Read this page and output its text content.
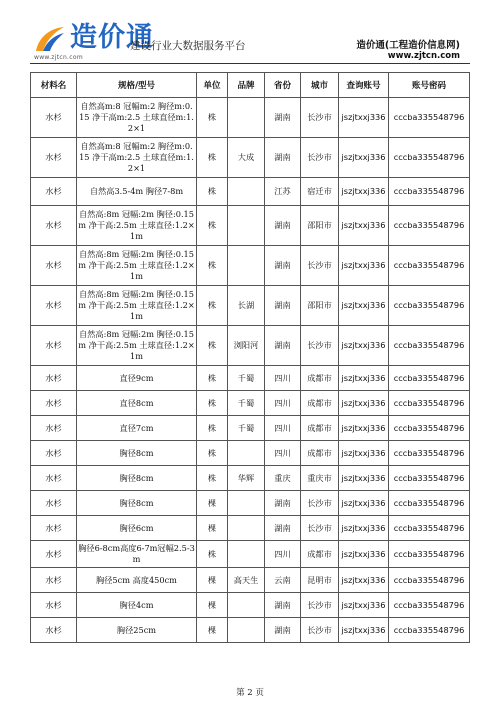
造价通
www.zjtcn.com
建设行业大数据服务平台	造价通(工程造价信息网)
www.zjtcn.com
材料名	规格/型号	单位	品牌	省份	城市	查询账号	账号密码
水杉	自然高m:8 冠幅m:2 胸径m:0.15 净干高m:2.5 土球直径m:1.2×1	株		湖南	长沙市	jszjtxxj336	cccba335548796
水杉	自然高m:8 冠幅m:2 胸径m:0.15 净干高m:2.5 土球直径m:1.2×1	株	大成	湖南	长沙市	jszjtxxj336	cccba335548796
水杉	自然高3.5-4m 胸径7-8m	株		江苏	宿迁市	jszjtxxj336	cccba335548796
水杉	自然高:8m 冠幅:2m 胸径:0.15m 净干高:2.5m 土球直径:1.2×1m	株		湖南	邵阳市	jszjtxxj336	cccba335548796
水杉	自然高:8m 冠幅:2m 胸径:0.15m 净干高:2.5m 土球直径:1.2×1m	株		湖南	长沙市	jszjtxxj336	cccba335548796
水杉	自然高:8m 冠幅:2m 胸径:0.15m 净干高:2.5m 土球直径:1.2×1m	株	长湖	湖南	邵阳市	jszjtxxj336	cccba335548796
水杉	自然高:8m 冠幅:2m 胸径:0.15m 净干高:2.5m 土球直径:1.2×1m	株	浏阳河	湖南	长沙市	jszjtxxj336	cccba335548796
水杉	直径9cm	株	千蜀	四川	成都市	jszjtxxj336	cccba335548796
水杉	直径8cm	株	千蜀	四川	成都市	jszjtxxj336	cccba335548796
水杉	直径7cm	株	千蜀	四川	成都市	jszjtxxj336	cccba335548796
水杉	胸径8cm	株		四川	成都市	jszjtxxj336	cccba335548796
水杉	胸径8cm	株	华辉	重庆	重庆市	jszjtxxj336	cccba335548796
水杉	胸径8cm	棵		湖南	长沙市	jszjtxxj336	cccba335548796
水杉	胸径6cm	棵		湖南	长沙市	jszjtxxj336	cccba335548796
水杉	胸径6-8cm高度6-7m冠幅2.5-3m	株		四川	成都市	jszjtxxj336	cccba335548796
水杉	胸径5cm 高度450cm	棵	高天生	云南	昆明市	jszjtxxj336	cccba335548796
水杉	胸径4cm	棵		湖南	长沙市	jszjtxxj336	cccba335548796
水杉	胸径25cm	棵		湖南	长沙市	jszjtxxj336	cccba335548796
第 2 页
